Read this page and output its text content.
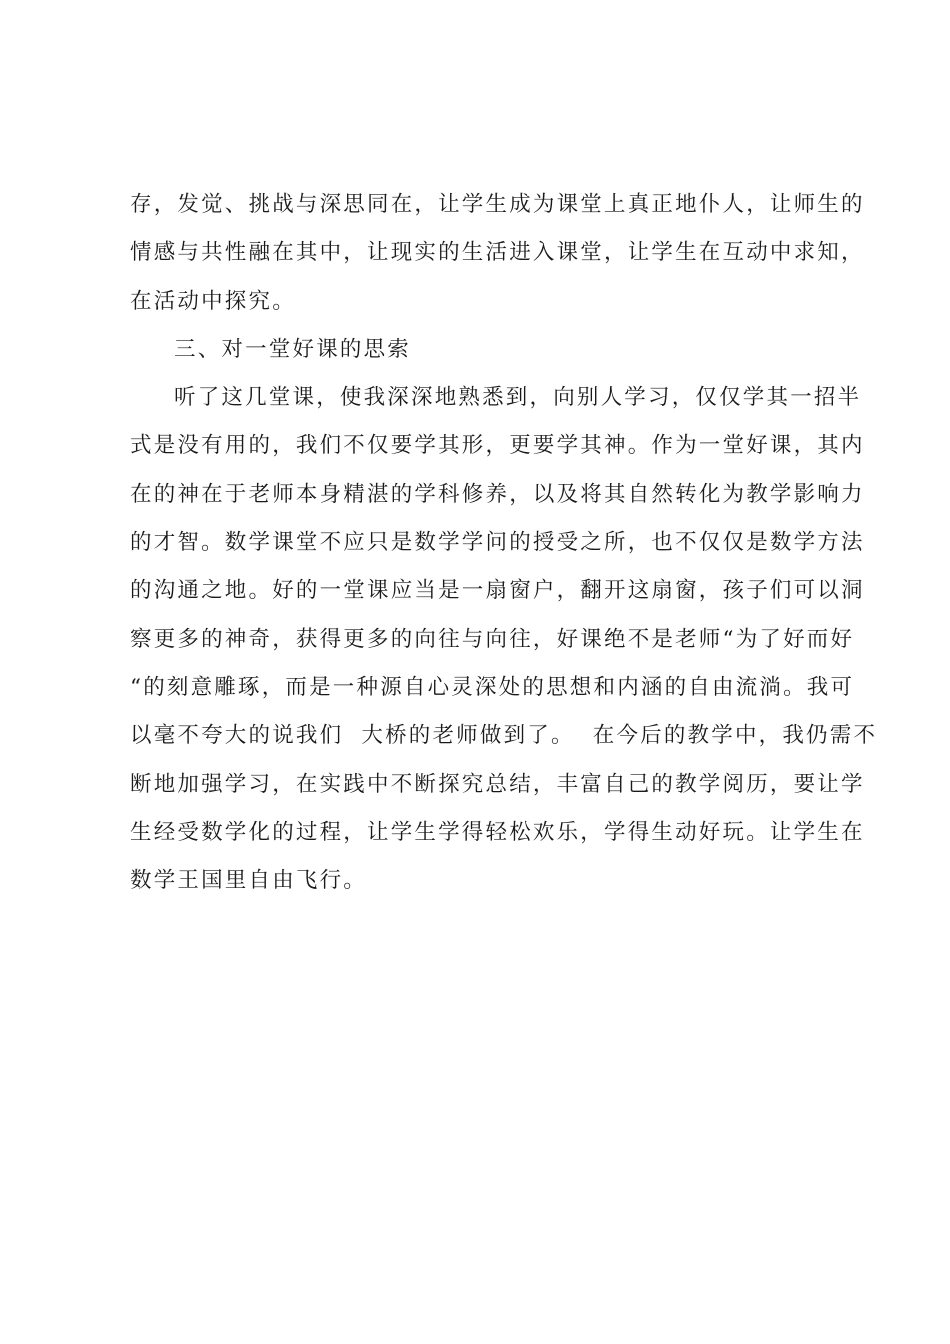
存，发觉、挑战与深思同在，让学生成为课堂上真正地仆人，让师生的
情感与共性融在其中，让现实的生活进入课堂，让学生在互动中求知，
在活动中探究。
三、对一堂好课的思索
听了这几堂课，使我深深地熟悉到，向别人学习，仅仅学其一招半
式是没有用的，我们不仅要学其形，更要学其神。作为一堂好课，其内
在的神在于老师本身精湛的学科修养，以及将其自然转化为教学影响力
的才智。数学课堂不应只是数学学问的授受之所，也不仅仅是数学方法
的沟通之地。好的一堂课应当是一扇窗户，翻开这扇窗，孩子们可以洞
察更多的神奇，获得更多的向往与向往，好课绝不是老师“为了好而好
“的刻意雕琢，而是一种源自心灵深处的思想和内涵的自由流淌。我可
以毫不夸大的说我们  大桥的老师做到了。  在今后的教学中，我仍需不
断地加强学习，在实践中不断探究总结，丰富自己的教学阅历，要让学
生经受数学化的过程，让学生学得轻松欢乐，学得生动好玩。让学生在
数学王国里自由飞行。
